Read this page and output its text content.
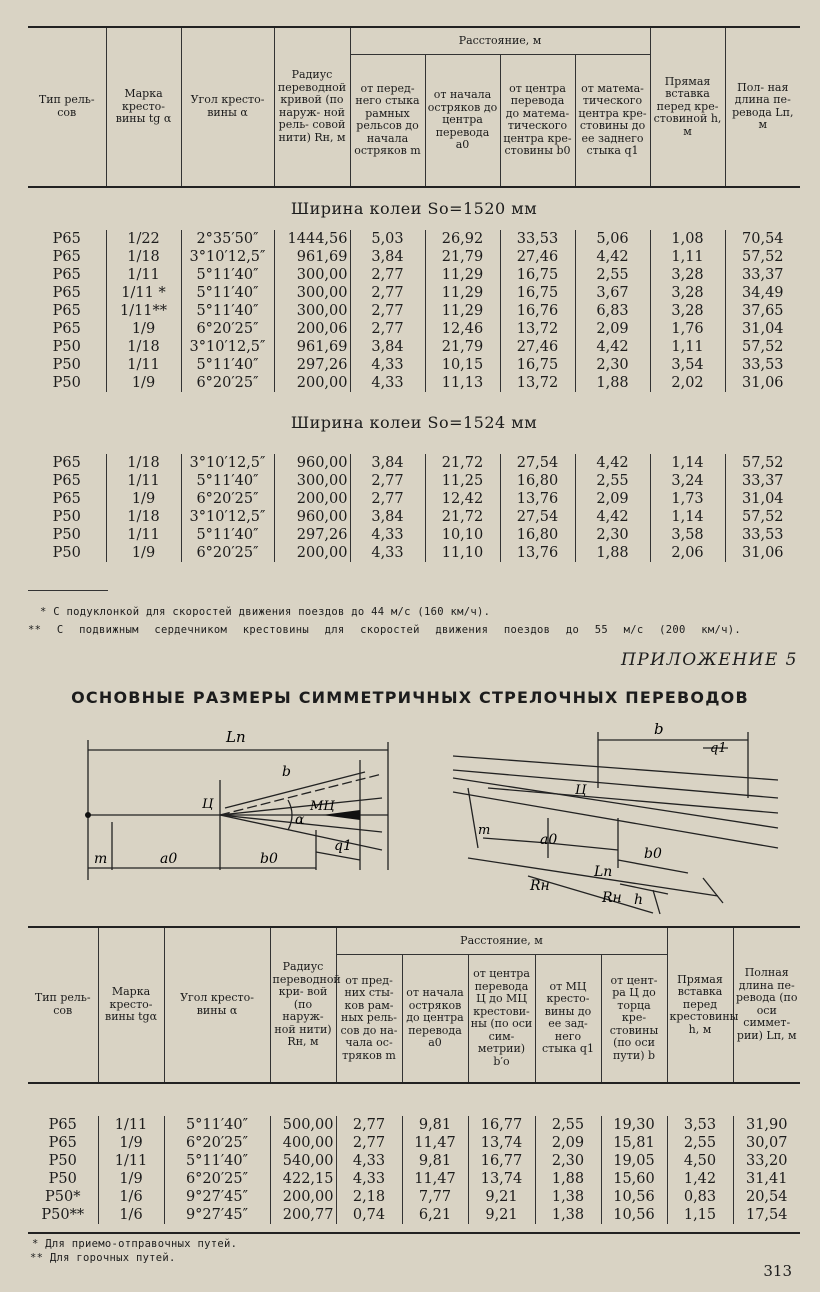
Тип рель- сов	Марка кресто- вины tg α	Угол кресто- вины α	Радиус переводной кривой (по наруж- ной рель- совой нити) Rн, м	Расстояние, м				Прямая вставка перед кре- стовиной h, м	Пол- ная длина пе- ревода Lп, м
				от перед- него стыка рамных рельсов до начала остряков m	от начала остряков до центра перевода a0	от центра перевода до матема- тического центра кре- стовины b0	от матема- тического центра кре- стовины до ее заднего стыка q1		
Ширина колеи Sо=1520 мм									
Р65	1/22	2°35′50″	1444,56	5,03	26,92	33,53	5,06	1,08	70,54
Р65	1/18	3°10′12,5″	961,69	3,84	21,79	27,46	4,42	1,11	57,52
Р65	1/11	5°11′40″	300,00	2,77	11,29	16,75	2,55	3,28	33,37
Р65	1/11 *	5°11′40″	300,00	2,77	11,29	16,75	3,67	3,28	34,49
Р65	1/11**	5°11′40″	300,00	2,77	11,29	16,76	6,83	3,28	37,65
Р65	1/9	6°20′25″	200,06	2,77	12,46	13,72	2,09	1,76	31,04
Р50	1/18	3°10′12,5″	961,69	3,84	21,79	27,46	4,42	1,11	57,52
Р50	1/11	5°11′40″	297,26	4,33	10,15	16,75	2,30	3,54	33,53
Р50	1/9	6°20′25″	200,00	4,33	11,13	13,72	1,88	2,02	31,06

Ширина колеи Sо=1524 мм									

Р65	1/18	3°10′12,5″	960,00	3,84	21,72	27,54	4,42	1,14	57,52
Р65	1/11	5°11′40″	300,00	2,77	11,25	16,80	2,55	3,24	33,37
Р65	1/9	6°20′25″	200,00	2,77	12,42	13,76	2,09	1,73	31,04
Р50	1/18	3°10′12,5″	960,00	3,84	21,72	27,54	4,42	1,14	57,52
Р50	1/11	5°11′40″	297,26	4,33	10,10	16,80	2,30	3,58	33,53
Р50	1/9	6°20′25″	200,00	4,33	11,10	13,76	1,88	2,06	31,06
* С подуклонкой для скоростей движения поездов до 44 м/с (160 км/ч).
** С подвижным сердечником крестовины для скоростей движения поездов до 55 м/с (200 км/ч).
ПРИЛОЖЕНИЕ 5
ОСНОВНЫЕ РАЗМЕРЫ СИММЕТРИЧНЫХ СТРЕЛОЧНЫХ ПЕРЕВОДОВ
Lп
b
Ц	МЦ
α
m	a0	b0
q1
b
q1
Ц
m
a0
b0
Lп
Rн
Rн h
Тип рель- сов	Марка кресто- вины tgα	Угол кресто- вины α	Радиус переводной кри- вой (по наруж- ной нити) Rн, м	Расстояние, м					Прямая вставка перед крестовины h, м	Полная длина пе- ревода (по оси симмет- рии) Lп, м
				от пред- них сты- ков рам- ных рель- сов до на- чала ос- тряков m	от начала остряков до центра перевода a0	от центра перевода Ц до МЦ крестови- ны (по оси сим- метрии) b′о	от МЦ кресто- вины до ее зад- него стыка q1	от цент- ра Ц до торца кре- стовины (по оси пути) b		

Р65	1/11	5°11′40″	500,00	2,77	9,81	16,77	2,55	19,30	3,53	31,90
Р65	1/9	6°20′25″	400,00	2,77	11,47	13,74	2,09	15,81	2,55	30,07
Р50	1/11	5°11′40″	540,00	4,33	9,81	16,77	2,30	19,05	4,50	33,20
Р50	1/9	6°20′25″	422,15	4,33	11,47	13,74	1,88	15,60	1,42	31,41
Р50*	1/6	9°27′45″	200,00	2,18	7,77	9,21	1,38	10,56	0,83	20,54
Р50**	1/6	9°27′45″	200,77	0,74	6,21	9,21	1,38	10,56	1,15	17,54

* Для приемо-отправочных путей.
** Для горочных путей.
313
